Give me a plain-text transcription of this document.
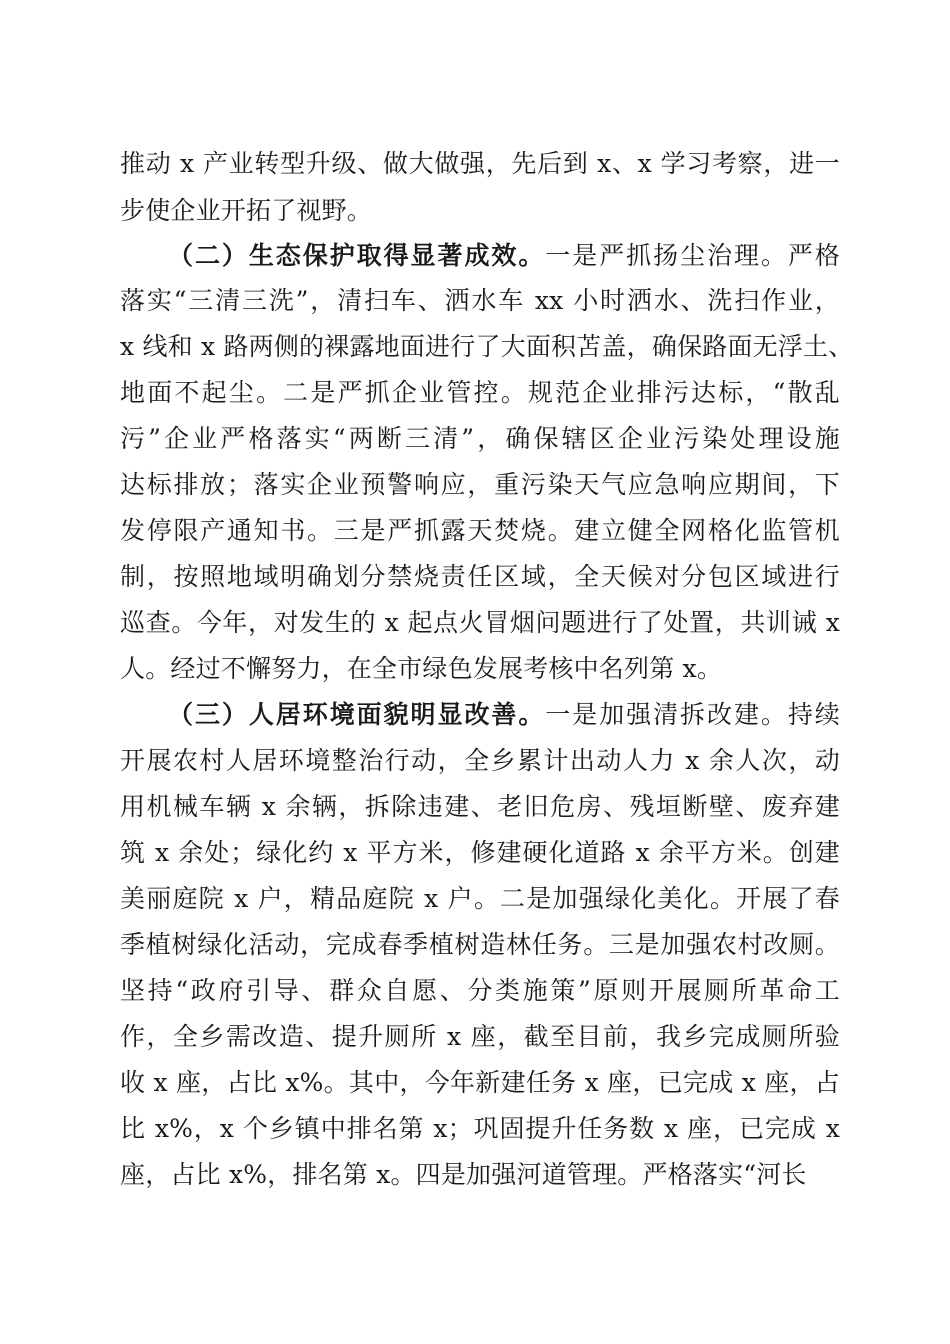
推动 x 产业转型升级、做大做强，先后到 x、x 学习考察，进一
步使企业开拓了视野。
（二）生态保护取得显著成效。一是严抓扬尘治理。严格
落实“三清三洗”，清扫车、洒水车 xx 小时洒水、洗扫作业，
x 线和 x 路两侧的裸露地面进行了大面积苫盖，确保路面无浮土、
地面不起尘。二是严抓企业管控。规范企业排污达标，“散乱
污”企业严格落实“两断三清”，确保辖区企业污染处理设施
达标排放；落实企业预警响应，重污染天气应急响应期间，下
发停限产通知书。三是严抓露天焚烧。建立健全网格化监管机
制，按照地域明确划分禁烧责任区域，全天候对分包区域进行
巡查。今年，对发生的 x 起点火冒烟问题进行了处置，共训诫 x
人。经过不懈努力，在全市绿色发展考核中名列第 x。
（三）人居环境面貌明显改善。一是加强清拆改建。持续
开展农村人居环境整治行动，全乡累计出动人力 x 余人次，动
用机械车辆 x 余辆，拆除违建、老旧危房、残垣断壁、废弃建
筑 x 余处；绿化约 x 平方米，修建硬化道路 x 余平方米。创建
美丽庭院 x 户，精品庭院 x 户。二是加强绿化美化。开展了春
季植树绿化活动，完成春季植树造林任务。三是加强农村改厕。
坚持“政府引导、群众自愿、分类施策”原则开展厕所革命工
作，全乡需改造、提升厕所 x 座，截至目前，我乡完成厕所验
收 x 座，占比 x%。其中，今年新建任务 x 座，已完成 x 座，占
比 x%，x 个乡镇中排名第 x；巩固提升任务数 x 座，已完成 x
座，占比 x%，排名第 x。四是加强河道管理。严格落实“河长
